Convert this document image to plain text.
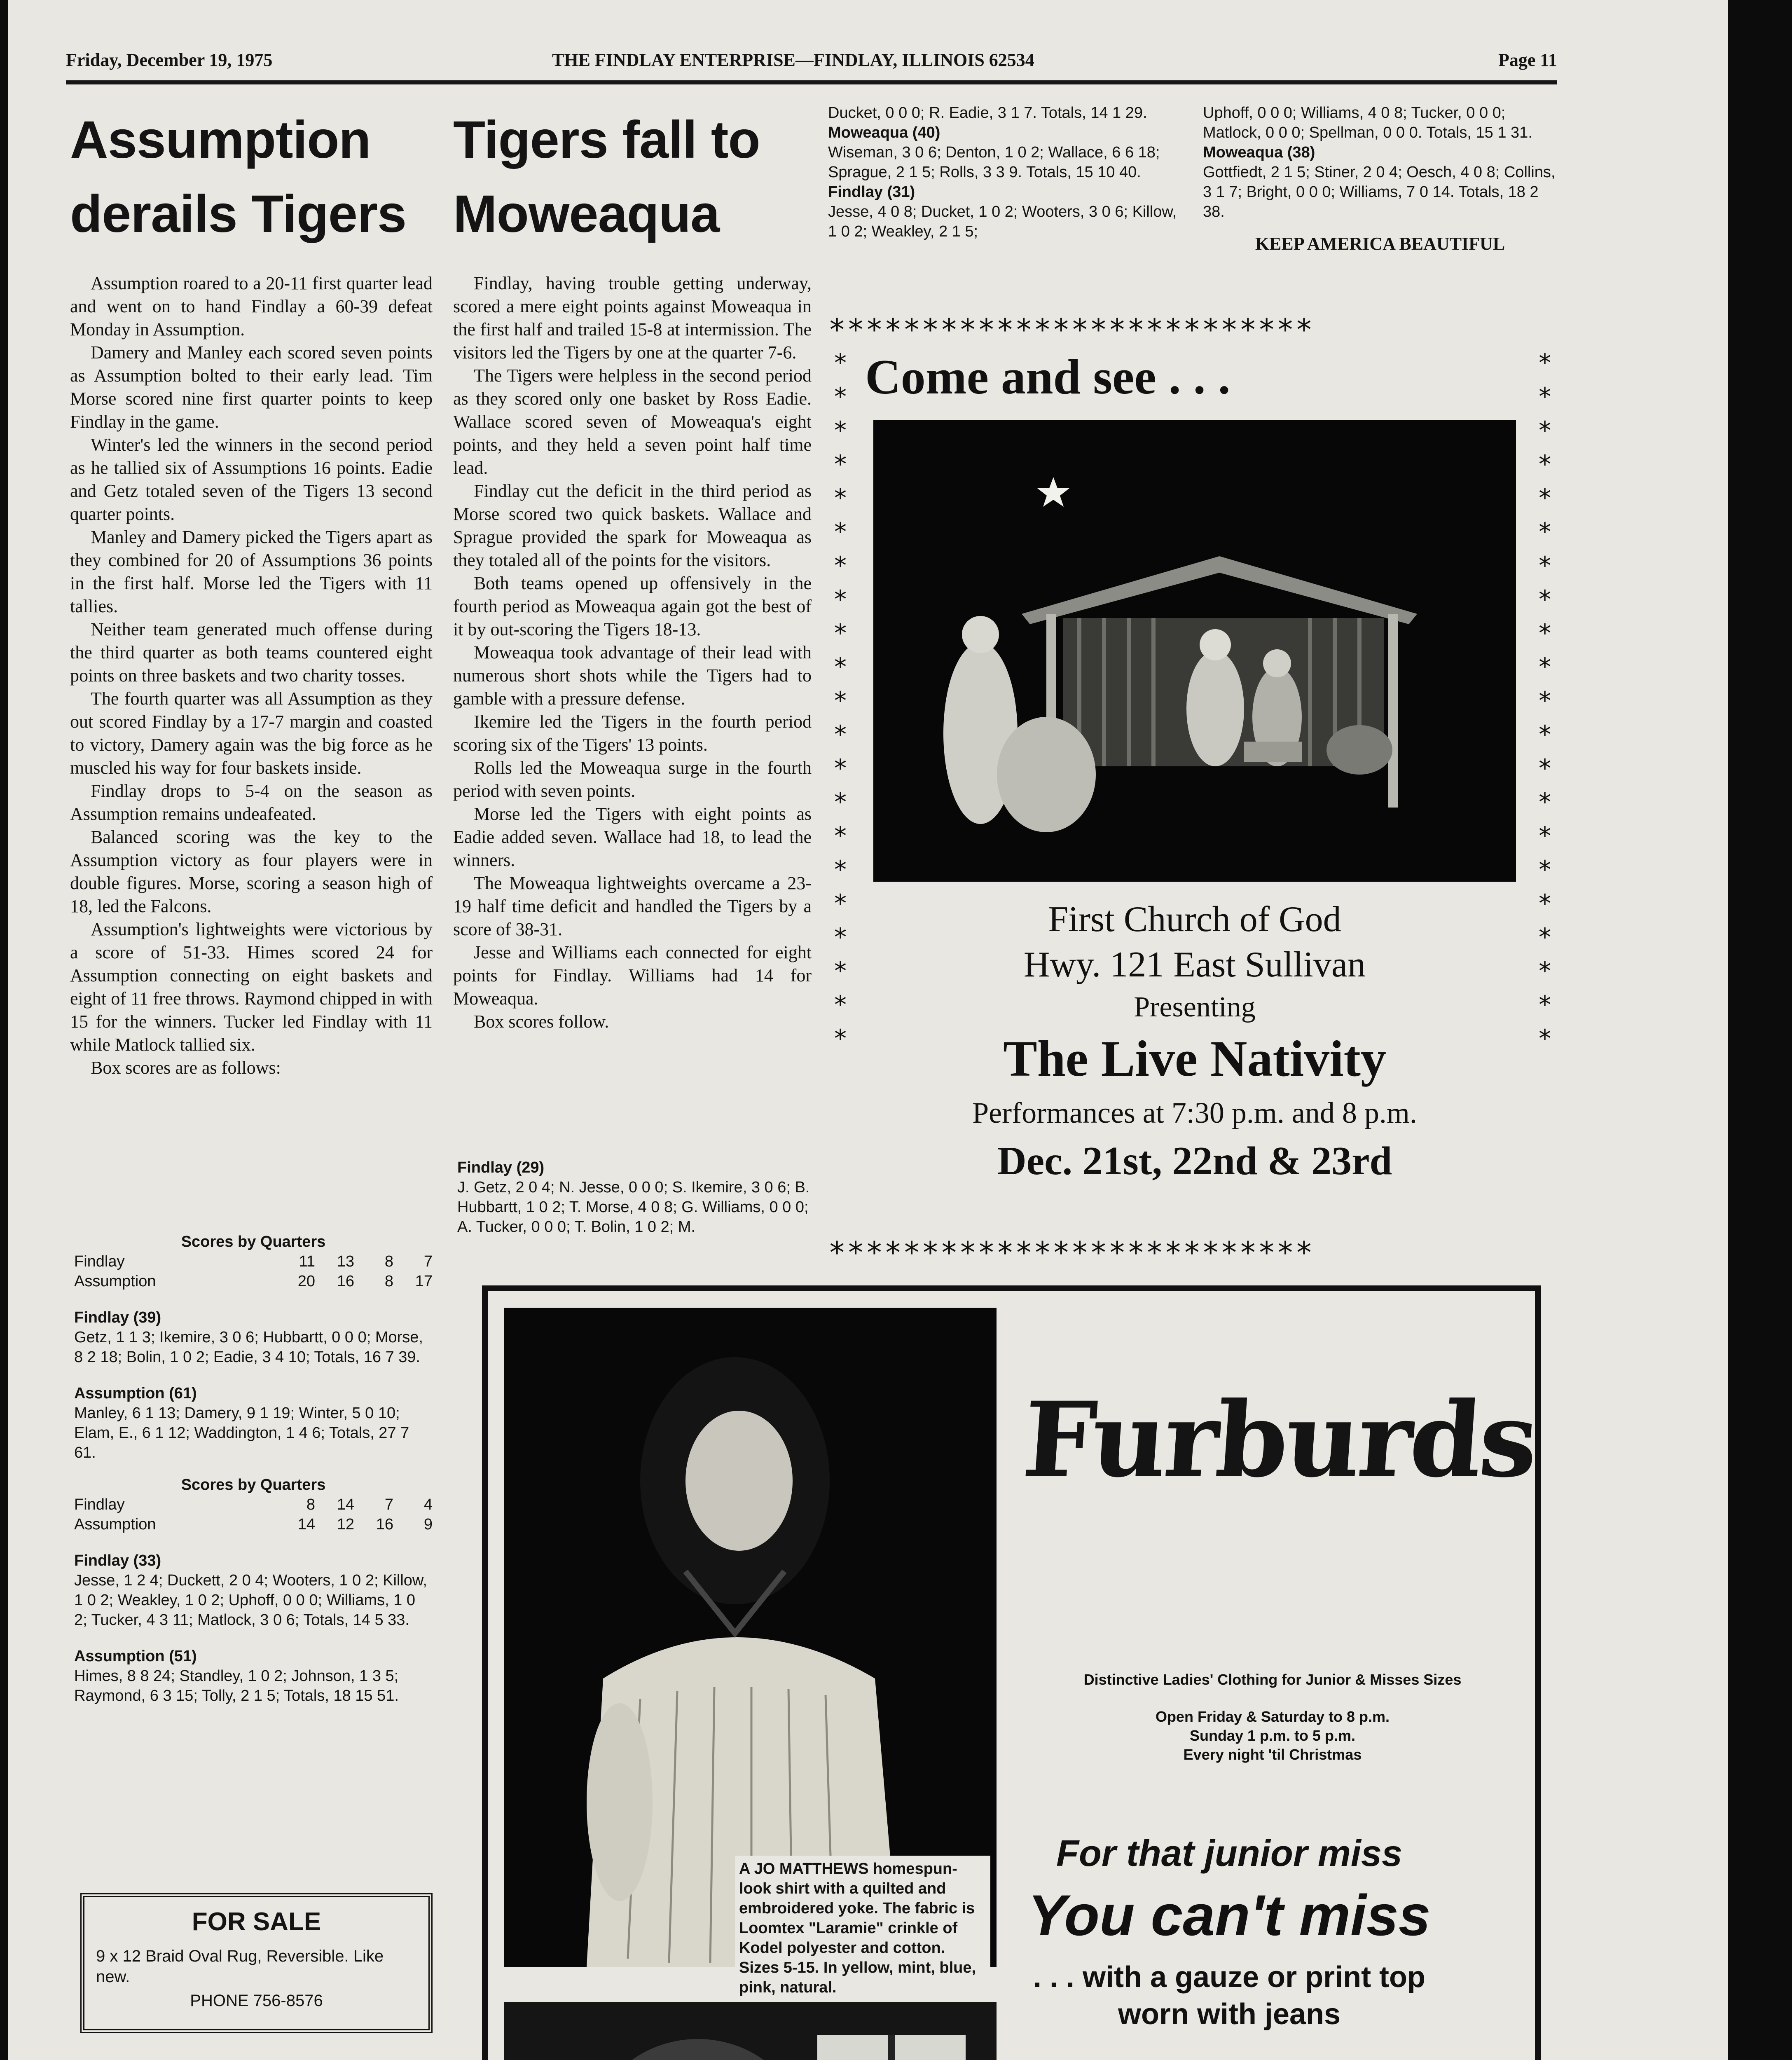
Friday, December 19, 1975	THE FINDLAY ENTERPRISE—FINDLAY, ILLINOIS 62534	Page 11
Assumption
derails Tigers

Assumption roared to a 20-11 first quarter lead and went on to hand Findlay a 60-39 defeat Monday in Assumption.

Damery and Manley each scored seven points as Assumption bolted to their early lead. Tim Morse scored nine first quarter points to keep Findlay in the game.

Winter's led the winners in the second period as he tallied six of Assumptions 16 points. Eadie and Getz totaled seven of the Tigers 13 second quarter points.

Manley and Damery picked the Tigers apart as they combined for 20 of Assumptions 36 points in the first half. Morse led the Tigers with 11 tallies.

Neither team generated much offense during the third quarter as both teams countered eight points on three baskets and two charity tosses.

The fourth quarter was all Assumption as they out scored Findlay by a 17-7 margin and coasted to victory, Damery again was the big force as he muscled his way for four baskets inside.

Findlay drops to 5-4 on the season as Assumption remains undeafeated.

Balanced scoring was the key to the Assumption victory as four players were in double figures. Morse, scoring a season high of 18, led the Falcons.

Assumption's lightweights were victorious by a score of 51-33. Himes scored 24 for Assumption connecting on eight baskets and eight of 11 free throws. Raymond chipped in with 15 for the winners. Tucker led Findlay with 11 while Matlock tallied six.

Box scores are as follows:

Scores by Quarters
Findlay	11	13	8	7
Assumption	20	16	8	17
Findlay (39)
Getz, 1 1 3; Ikemire, 3 0 6; Hubbartt, 0 0 0; Morse, 8 2 18; Bolin, 1 0 2; Eadie, 3 4 10; Totals, 16 7 39.
Assumption (61)
Manley, 6 1 13; Damery, 9 1 19; Winter, 5 0 10; Elam, E., 6 1 12; Waddington, 1 4 6; Totals, 27 7 61.
Scores by Quarters
Findlay	8	14	7	4
Assumption	14	12	16	9
Findlay (33)
Jesse, 1 2 4; Duckett, 2 0 4; Wooters, 1 0 2; Killow, 1 0 2; Weakley, 1 0 2; Uphoff, 0 0 0; Williams, 1 0 2; Tucker, 4 3 11; Matlock, 3 0 6; Totals, 14 5 33.
Assumption (51)
Himes, 8 8 24; Standley, 1 0 2; Johnson, 1 3 5; Raymond, 6 3 15; Tolly, 2 1 5; Totals, 18 15 51.
FOR SALE
9 x 12 Braid Oval Rug, Reversible. Like new.
PHONE 756-8576
Tigers fall to
Moweaqua

Findlay, having trouble getting underway, scored a mere eight points against Moweaqua in the first half and trailed 15-8 at intermission. The visitors led the Tigers by one at the quarter 7-6.

The Tigers were helpless in the second period as they scored only one basket by Ross Eadie. Wallace scored seven of Moweaqua's eight points, and they held a seven point half time lead.

Findlay cut the deficit in the third period as Morse scored two quick baskets. Wallace and Sprague provided the spark for Moweaqua as they totaled all of the points for the visitors.

Both teams opened up offensively in the fourth period as Moweaqua again got the best of it by out-scoring the Tigers 18-13.

Moweaqua took advantage of their lead with numerous short shots while the Tigers had to gamble with a pressure defense.

Ikemire led the Tigers in the fourth period scoring six of the Tigers' 13 points.

Rolls led the Moweaqua surge in the fourth period with seven points.

Morse led the Tigers with eight points as Eadie added seven. Wallace had 18, to lead the winners.

The Moweaqua lightweights overcame a 23-19 half time deficit and handled the Tigers by a score of 38-31.

Jesse and Williams each connected for eight points for Findlay. Williams had 14 for Moweaqua.

Box scores follow.

Findlay (29)
J. Getz, 2 0 4; N. Jesse, 0 0 0; S. Ikemire, 3 0 6; B. Hubbartt, 1 0 2; T. Morse, 4 0 8; G. Williams, 0 0 0; A. Tucker, 0 0 0; T. Bolin, 1 0 2; M.
Ducket, 0 0 0; R. Eadie, 3 1 7. Totals, 14 1 29.
Moweaqua (40)
Wiseman, 3 0 6; Denton, 1 0 2; Wallace, 6 6 18; Sprague, 2 1 5; Rolls, 3 3 9. Totals, 15 10 40.
Findlay (31)
Jesse, 4 0 8; Ducket, 1 0 2; Wooters, 3 0 6; Killow, 1 0 2; Weakley, 2 1 5;
Uphoff, 0 0 0; Williams, 4 0 8; Tucker, 0 0 0; Matlock, 0 0 0; Spellman, 0 0 0. Totals, 15 1 31.
Moweaqua (38)
Gottfiedt, 2 1 5; Stiner, 2 0 4; Oesch, 4 0 8; Collins, 3 1 7; Bright, 0 0 0; Williams, 7 0 14. Totals, 18 2 38.
KEEP AMERICA BEAUTIFUL
**************************
**************************
*********************
*********************
Come and see . . .
First Church of God
Hwy. 121 East Sullivan
Presenting
The Live Nativity
Performances at 7:30 p.m. and 8 p.m.
Dec. 21st, 22nd & 23rd
A JO MATTHEWS homespun-look shirt with a quilted and embroidered yoke. The fabric is Loomtex "Laramie" crinkle of Kodel polyester and cotton. Sizes 5-15. In yellow, mint, blue, pink, natural.
Furburds
Distinctive Ladies' Clothing for Junior & Misses Sizes
Open Friday & Saturday to 8 p.m.
Sunday 1 p.m. to 5 p.m.
Every night 'til Christmas
For that junior miss
You can't miss
. . . with a gauze or print top
worn with jeans
